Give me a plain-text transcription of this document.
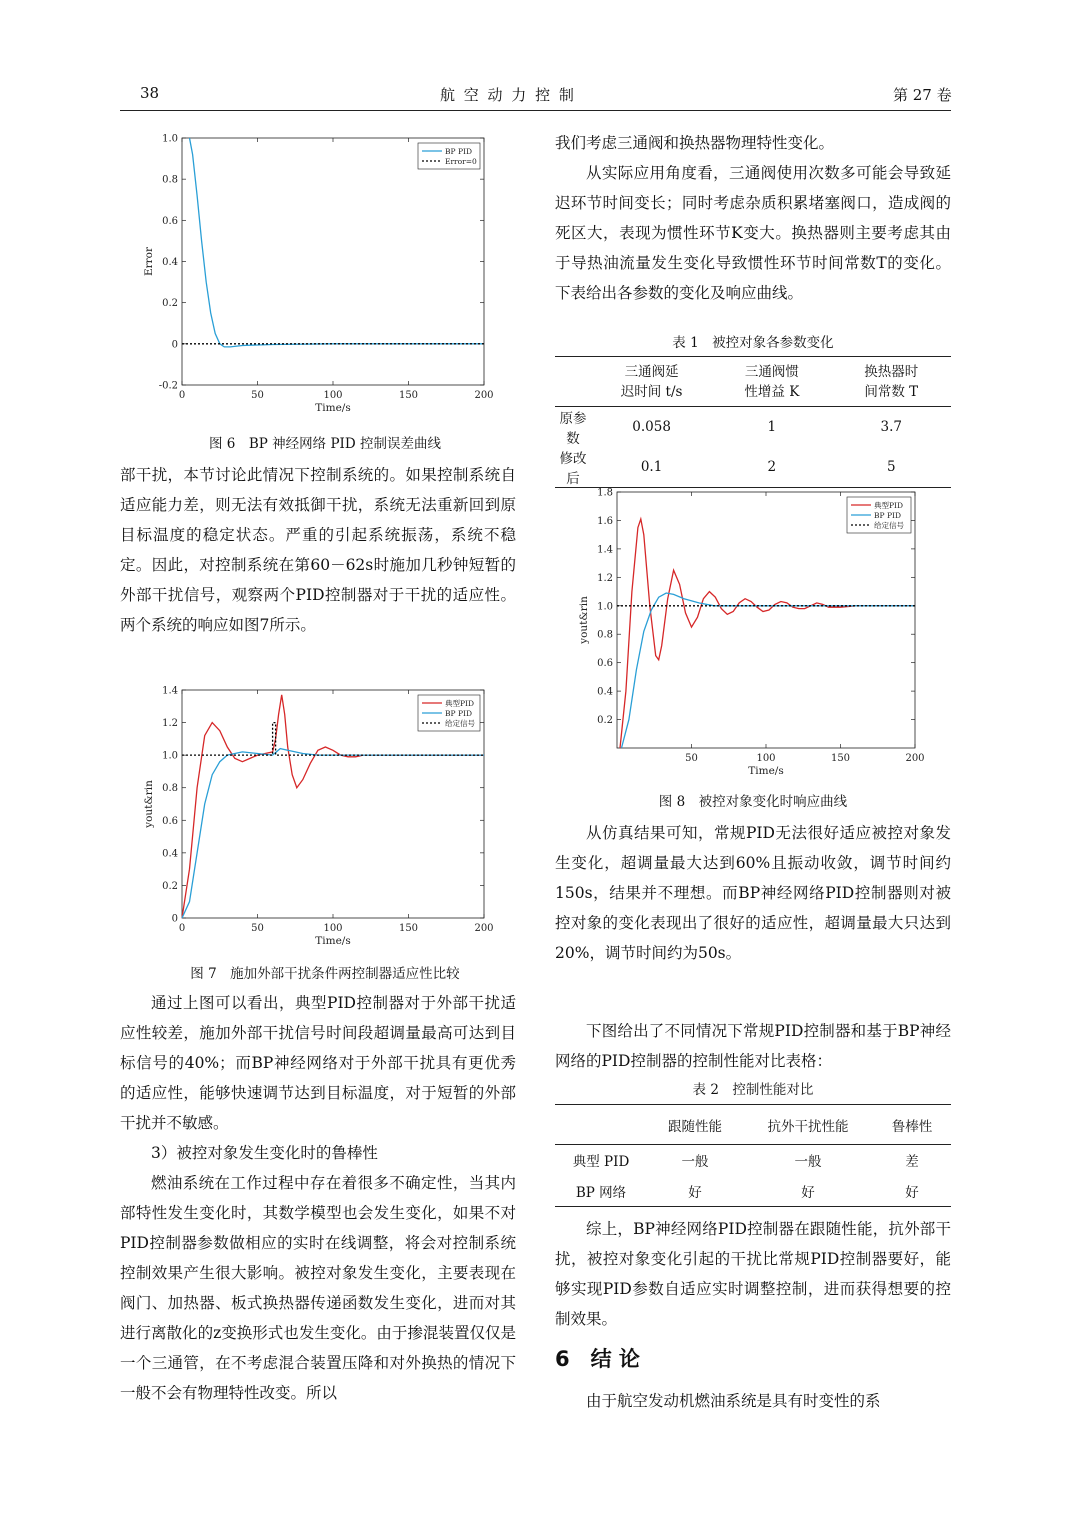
38	航 空 动 力 控 制	第 27 卷
0	50	100	150	200
-0.2
0
0.2
0.4
0.6
0.8
1.0
Time/s
Error
BP PID
Error=0
图 6　BP 神经网络 PID 控制误差曲线

部干扰，本节讨论此情况下控制系统的。如果控制系统自适应能力差，则无法有效抵御干扰，系统无法重新回到原目标温度的稳定状态。严重的引起系统振荡，系统不稳定。因此，对控制系统在第60－62s时施加几秒钟短暂的外部干扰信号，观察两个PID控制器对于干扰的适应性。两个系统的响应如图7所示。

0	50	100	150	200
0
0.2
0.4
0.6
0.8
1.0
1.2
1.4
Time/s
yout&rin
典型PID
BP PID
给定信号
图 7　施加外部干扰条件两控制器适应性比较

通过上图可以看出，典型PID控制器对于外部干扰适应性较差，施加外部干扰信号时间段超调量最高可达到目标信号的40%；而BP神经网络对于外部干扰具有更优秀的适应性，能够快速调节达到目标温度，对于短暂的外部干扰并不敏感。

3）被控对象发生变化时的鲁棒性

燃油系统在工作过程中存在着很多不确定性，当其内部特性发生变化时，其数学模型也会发生变化，如果不对PID控制器参数做相应的实时在线调整，将会对控制系统控制效果产生很大影响。被控对象发生变化，主要表现在阀门、加热器、板式换热器传递函数发生变化，进而对其进行离散化的z变换形式也发生变化。由于掺混装置仅仅是一个三通管，在不考虑混合装置压降和对外换热的情况下一般不会有物理特性改变。所以

我们考虑三通阀和换热器物理特性变化。

从实际应用角度看，三通阀使用次数多可能会导致延迟环节时间变长；同时考虑杂质积累堵塞阀口，造成阀的死区大，表现为惯性环节K变大。换热器则主要考虑其由于导热油流量发生变化导致惯性环节时间常数T的变化。下表给出各参数的变化及响应曲线。

表 1　被控对象各参数变化
	三通阀延迟时间 t/s	三通阀惯性增益 K	换热器时间常数 T
原参数	0.058	1	3.7
修改后	0.1	2	5
50	100	150	200
0.2
0.4
0.6
0.8
1.0
1.2
1.4
1.6
1.8
Time/s
yout&rin
典型PID
BP PID
给定信号
图 8　被控对象变化时响应曲线

从仿真结果可知，常规PID无法很好适应被控对象发生变化，超调量最大达到60%且振动收敛，调节时间约150s，结果并不理想。而BP神经网络PID控制器则对被控对象的变化表现出了很好的适应性，超调量最大只达到20%，调节时间约为50s。

下图给出了不同情况下常规PID控制器和基于BP神经网络的PID控制器的控制性能对比表格：

表 2　控制性能对比
	跟随性能	抗外干扰性能	鲁棒性
典型 PID	一般	一般	差
BP 网络	好	好	好

综上，BP神经网络PID控制器在跟随性能，抗外部干扰，被控对象变化引起的干扰比常规PID控制器要好，能够实现PID参数自适应实时调整控制，进而获得想要的控制效果。

6　结 论

由于航空发动机燃油系统是具有时变性的系
